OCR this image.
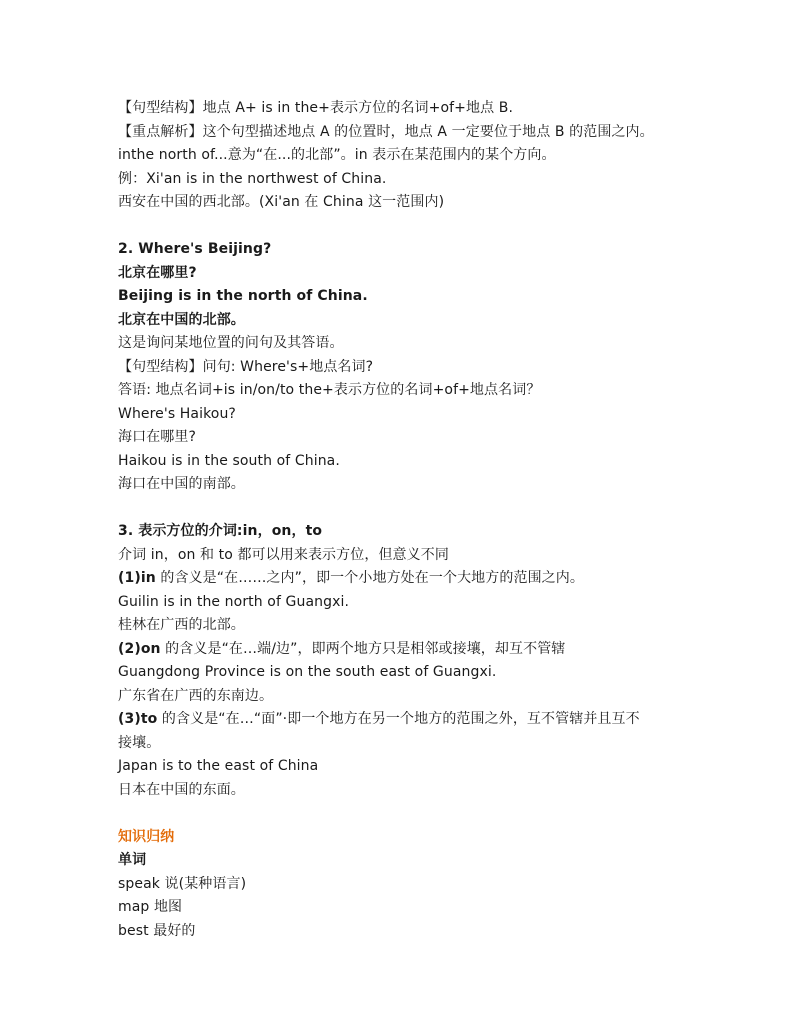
【句型结构】地点 A+ is in the+表示方位的名词+of+地点 B.
【重点解析】这个句型描述地点 A 的位置时，地点 A 一定要位于地点 B 的范围之内。
inthe north of...意为“在...的北部”。in 表示在某范围内的某个方向。
例：Xi'an is in the northwest of China.
西安在中国的西北部。(Xi'an 在 China 这一范围内)
2. Where's Beijing?
北京在哪里?
Beijing is in the north of China.
北京在中国的北部。
这是询问某地位置的问句及其答语。
【句型结构】问句: Where's+地点名词?
答语: 地点名词+is in/on/to the+表示方位的名词+of+地点名词？
Where's Haikou?
海口在哪里?
Haikou is in the south of China.
海口在中国的南部。
3. 表示方位的介词:in，on，to
介词 in，on 和 to 都可以用来表示方位，但意义不同
(1)in 的含义是“在……之内”，即一个小地方处在一个大地方的范围之内。
Guilin is in the north of Guangxi.
桂林在广西的北部。
(2)on 的含义是“在…端/边”，即两个地方只是相邻或接壤，却互不管辖
Guangdong Province is on the south east of Guangxi.
广东省在广西的东南边。
(3)to 的含义是“在…“面”·即一个地方在另一个地方的范围之外，互不管辖并且互不
接壤。
Japan is to the east of China
日本在中国的东面。
知识归纳
单词
speak 说(某种语言)
map 地图
best 最好的
